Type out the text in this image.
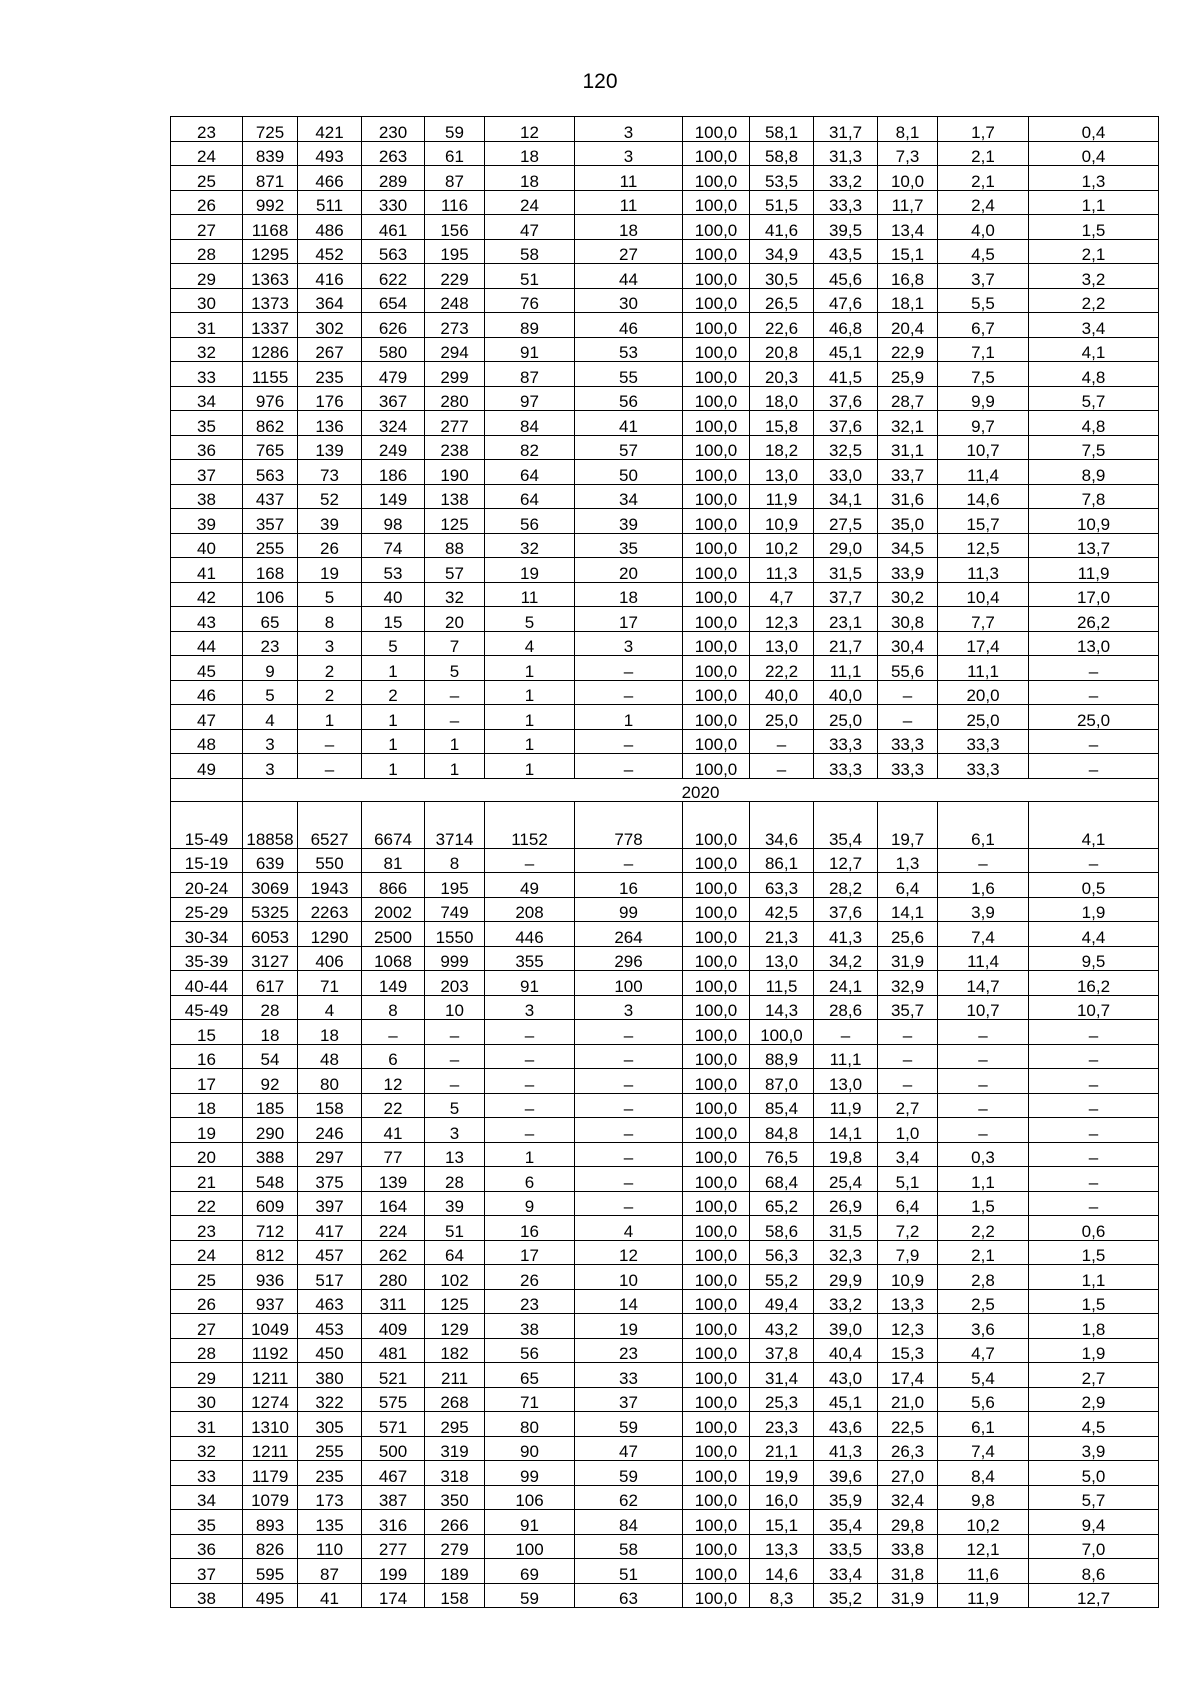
120
23	725	421	230	59	12	3	100,0	58,1	31,7	8,1	1,7	0,4
24	839	493	263	61	18	3	100,0	58,8	31,3	7,3	2,1	0,4
25	871	466	289	87	18	11	100,0	53,5	33,2	10,0	2,1	1,3
26	992	511	330	116	24	11	100,0	51,5	33,3	11,7	2,4	1,1
27	1168	486	461	156	47	18	100,0	41,6	39,5	13,4	4,0	1,5
28	1295	452	563	195	58	27	100,0	34,9	43,5	15,1	4,5	2,1
29	1363	416	622	229	51	44	100,0	30,5	45,6	16,8	3,7	3,2
30	1373	364	654	248	76	30	100,0	26,5	47,6	18,1	5,5	2,2
31	1337	302	626	273	89	46	100,0	22,6	46,8	20,4	6,7	3,4
32	1286	267	580	294	91	53	100,0	20,8	45,1	22,9	7,1	4,1
33	1155	235	479	299	87	55	100,0	20,3	41,5	25,9	7,5	4,8
34	976	176	367	280	97	56	100,0	18,0	37,6	28,7	9,9	5,7
35	862	136	324	277	84	41	100,0	15,8	37,6	32,1	9,7	4,8
36	765	139	249	238	82	57	100,0	18,2	32,5	31,1	10,7	7,5
37	563	73	186	190	64	50	100,0	13,0	33,0	33,7	11,4	8,9
38	437	52	149	138	64	34	100,0	11,9	34,1	31,6	14,6	7,8
39	357	39	98	125	56	39	100,0	10,9	27,5	35,0	15,7	10,9
40	255	26	74	88	32	35	100,0	10,2	29,0	34,5	12,5	13,7
41	168	19	53	57	19	20	100,0	11,3	31,5	33,9	11,3	11,9
42	106	5	40	32	11	18	100,0	4,7	37,7	30,2	10,4	17,0
43	65	8	15	20	5	17	100,0	12,3	23,1	30,8	7,7	26,2
44	23	3	5	7	4	3	100,0	13,0	21,7	30,4	17,4	13,0
45	9	2	1	5	1	–	100,0	22,2	11,1	55,6	11,1	–
46	5	2	2	–	1	–	100,0	40,0	40,0	–	20,0	–
47	4	1	1	–	1	1	100,0	25,0	25,0	–	25,0	25,0
48	3	–	1	1	1	–	100,0	–	33,3	33,3	33,3	–
49	3	–	1	1	1	–	100,0	–	33,3	33,3	33,3	–
	2020											
15-49	18858	6527	6674	3714	1152	778	100,0	34,6	35,4	19,7	6,1	4,1
15-19	639	550	81	8	–	–	100,0	86,1	12,7	1,3	–	–
20-24	3069	1943	866	195	49	16	100,0	63,3	28,2	6,4	1,6	0,5
25-29	5325	2263	2002	749	208	99	100,0	42,5	37,6	14,1	3,9	1,9
30-34	6053	1290	2500	1550	446	264	100,0	21,3	41,3	25,6	7,4	4,4
35-39	3127	406	1068	999	355	296	100,0	13,0	34,2	31,9	11,4	9,5
40-44	617	71	149	203	91	100	100,0	11,5	24,1	32,9	14,7	16,2
45-49	28	4	8	10	3	3	100,0	14,3	28,6	35,7	10,7	10,7
15	18	18	–	–	–	–	100,0	100,0	–	–	–	–
16	54	48	6	–	–	–	100,0	88,9	11,1	–	–	–
17	92	80	12	–	–	–	100,0	87,0	13,0	–	–	–
18	185	158	22	5	–	–	100,0	85,4	11,9	2,7	–	–
19	290	246	41	3	–	–	100,0	84,8	14,1	1,0	–	–
20	388	297	77	13	1	–	100,0	76,5	19,8	3,4	0,3	–
21	548	375	139	28	6	–	100,0	68,4	25,4	5,1	1,1	–
22	609	397	164	39	9	–	100,0	65,2	26,9	6,4	1,5	–
23	712	417	224	51	16	4	100,0	58,6	31,5	7,2	2,2	0,6
24	812	457	262	64	17	12	100,0	56,3	32,3	7,9	2,1	1,5
25	936	517	280	102	26	10	100,0	55,2	29,9	10,9	2,8	1,1
26	937	463	311	125	23	14	100,0	49,4	33,2	13,3	2,5	1,5
27	1049	453	409	129	38	19	100,0	43,2	39,0	12,3	3,6	1,8
28	1192	450	481	182	56	23	100,0	37,8	40,4	15,3	4,7	1,9
29	1211	380	521	211	65	33	100,0	31,4	43,0	17,4	5,4	2,7
30	1274	322	575	268	71	37	100,0	25,3	45,1	21,0	5,6	2,9
31	1310	305	571	295	80	59	100,0	23,3	43,6	22,5	6,1	4,5
32	1211	255	500	319	90	47	100,0	21,1	41,3	26,3	7,4	3,9
33	1179	235	467	318	99	59	100,0	19,9	39,6	27,0	8,4	5,0
34	1079	173	387	350	106	62	100,0	16,0	35,9	32,4	9,8	5,7
35	893	135	316	266	91	84	100,0	15,1	35,4	29,8	10,2	9,4
36	826	110	277	279	100	58	100,0	13,3	33,5	33,8	12,1	7,0
37	595	87	199	189	69	51	100,0	14,6	33,4	31,8	11,6	8,6
38	495	41	174	158	59	63	100,0	8,3	35,2	31,9	11,9	12,7
